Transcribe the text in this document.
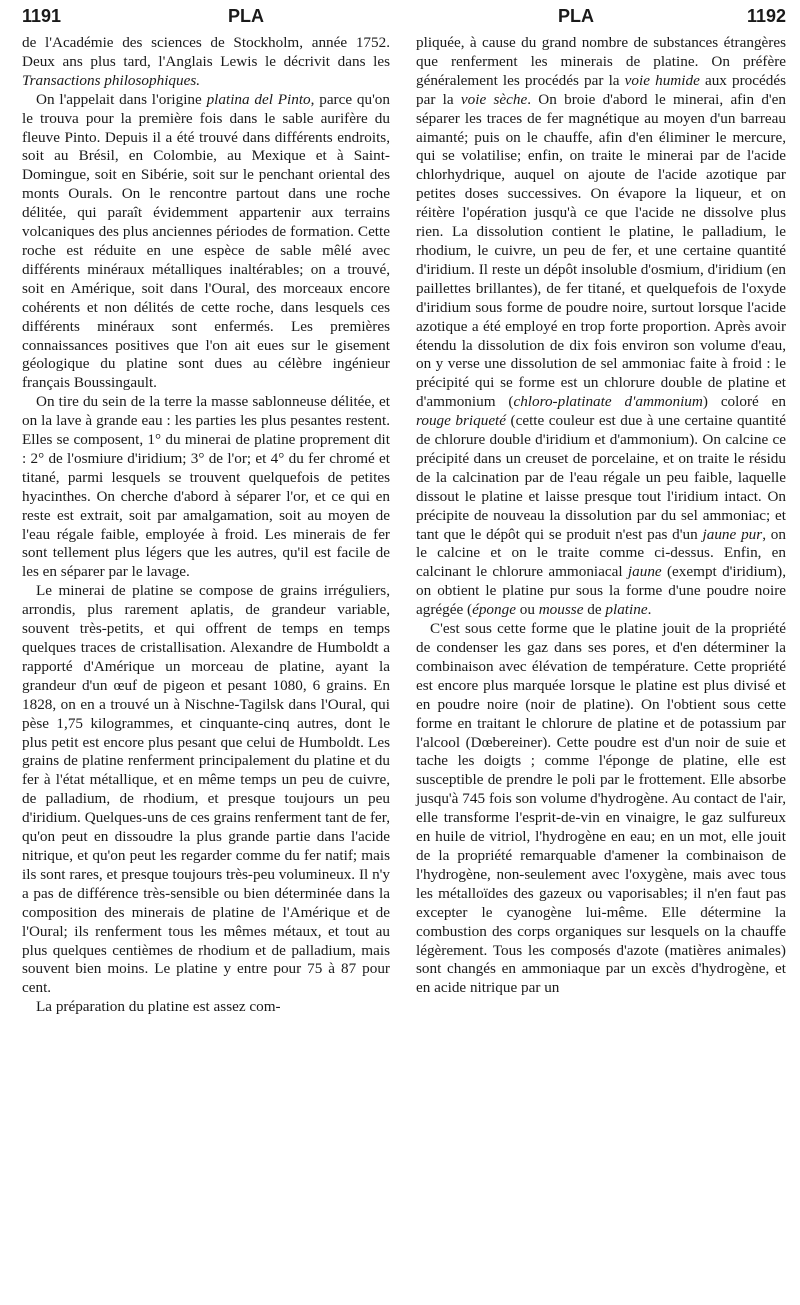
1191	PLA	PLA	1192

de l'Académie des sciences de Stockholm, année 1752. Deux ans plus tard, l'Anglais Lewis le décrivit dans les Transactions philosophiques.

On l'appelait dans l'origine platina del Pinto, parce qu'on le trouva pour la première fois dans le sable aurifère du fleuve Pinto. Depuis il a été trouvé dans différents endroits, soit au Brésil, en Colombie, au Mexique et à Saint-Domingue, soit en Sibérie, soit sur le penchant oriental des monts Ourals. On le rencontre partout dans une roche délitée, qui paraît évidemment appartenir aux terrains volcaniques des plus anciennes périodes de formation. Cette roche est réduite en une espèce de sable mêlé avec différents minéraux métalliques inaltérables; on a trouvé, soit en Amérique, soit dans l'Oural, des morceaux encore cohérents et non délités de cette roche, dans lesquels ces différents minéraux sont enfermés. Les premières connaissances positives que l'on ait eues sur le gisement géologique du platine sont dues au célèbre ingénieur français Boussingault.

On tire du sein de la terre la masse sablonneuse délitée, et on la lave à grande eau : les parties les plus pesantes restent. Elles se composent, 1° du minerai de platine proprement dit : 2° de l'osmiure d'iridium; 3° de l'or; et 4° du fer chromé et titané, parmi lesquels se trouvent quelquefois de petites hyacinthes. On cherche d'abord à séparer l'or, et ce qui en reste est extrait, soit par amalgamation, soit au moyen de l'eau régale faible, employée à froid. Les minerais de fer sont tellement plus légers que les autres, qu'il est facile de les en séparer par le lavage.

Le minerai de platine se compose de grains irréguliers, arrondis, plus rarement aplatis, de grandeur variable, souvent très-petits, et qui offrent de temps en temps quelques traces de cristallisation. Alexandre de Humboldt a rapporté d'Amérique un morceau de platine, ayant la grandeur d'un œuf de pigeon et pesant 1080, 6 grains. En 1828, on en a trouvé un à Nischne-Tagilsk dans l'Oural, qui pèse 1,75 kilogrammes, et cinquante-cinq autres, dont le plus petit est encore plus pesant que celui de Humboldt. Les grains de platine renferment principalement du platine et du fer à l'état métallique, et en même temps un peu de cuivre, de palladium, de rhodium, et presque toujours un peu d'iridium. Quelques-uns de ces grains renferment tant de fer, qu'on peut en dissoudre la plus grande partie dans l'acide nitrique, et qu'on peut les regarder comme du fer natif; mais ils sont rares, et presque toujours très-peu volumineux. Il n'y a pas de différence très-sensible ou bien déterminée dans la composition des minerais de platine de l'Amérique et de l'Oural; ils renferment tous les mêmes métaux, et tout au plus quelques centièmes de rhodium et de palladium, mais souvent bien moins. Le platine y entre pour 75 à 87 pour cent.

La préparation du platine est assez com-

pliquée, à cause du grand nombre de substances étrangères que renferment les minerais de platine. On préfère généralement les procédés par la voie humide aux procédés par la voie sèche. On broie d'abord le minerai, afin d'en séparer les traces de fer magnétique au moyen d'un barreau aimanté; puis on le chauffe, afin d'en éliminer le mercure, qui se volatilise; enfin, on traite le minerai par de l'acide chlorhydrique, auquel on ajoute de l'acide azotique par petites doses successives. On évapore la liqueur, et on réitère l'opération jusqu'à ce que l'acide ne dissolve plus rien. La dissolution contient le platine, le palladium, le rhodium, le cuivre, un peu de fer, et une certaine quantité d'iridium. Il reste un dépôt insoluble d'osmium, d'iridium (en paillettes brillantes), de fer titané, et quelquefois de l'oxyde d'iridium sous forme de poudre noire, surtout lorsque l'acide azotique a été employé en trop forte proportion. Après avoir étendu la dissolution de dix fois environ son volume d'eau, on y verse une dissolution de sel ammoniac faite à froid : le précipité qui se forme est un chlorure double de platine et d'ammonium (chloro-platinate d'ammonium) coloré en rouge briqueté (cette couleur est due à une certaine quantité de chlorure double d'iridium et d'ammonium). On calcine ce précipité dans un creuset de porcelaine, et on traite le résidu de la calcination par de l'eau régale un peu faible, laquelle dissout le platine et laisse presque tout l'iridium intact. On précipite de nouveau la dissolution par du sel ammoniac; et tant que le dépôt qui se produit n'est pas d'un jaune pur, on le calcine et on le traite comme ci-dessus. Enfin, en calcinant le chlorure ammoniacal jaune (exempt d'iridium), on obtient le platine pur sous la forme d'une poudre noire agrégée (éponge ou mousse de platine.

C'est sous cette forme que le platine jouit de la propriété de condenser les gaz dans ses pores, et d'en déterminer la combinaison avec élévation de température. Cette propriété est encore plus marquée lorsque le platine est plus divisé et en poudre noire (noir de platine). On l'obtient sous cette forme en traitant le chlorure de platine et de potassium par l'alcool (Dœbereiner). Cette poudre est d'un noir de suie et tache les doigts ; comme l'éponge de platine, elle est susceptible de prendre le poli par le frottement. Elle absorbe jusqu'à 745 fois son volume d'hydrogène. Au contact de l'air, elle transforme l'esprit-de-vin en vinaigre, le gaz sulfureux en huile de vitriol, l'hydrogène en eau; en un mot, elle jouit de la propriété remarquable d'amener la combinaison de l'hydrogène, non-seulement avec l'oxygène, mais avec tous les métalloïdes des gazeux ou vaporisables; il n'en faut pas excepter le cyanogène lui-même. Elle détermine la combustion des corps organiques sur lesquels on la chauffe légèrement. Tous les composés d'azote (matières animales) sont changés en ammoniaque par un excès d'hydrogène, et en acide nitrique par un
